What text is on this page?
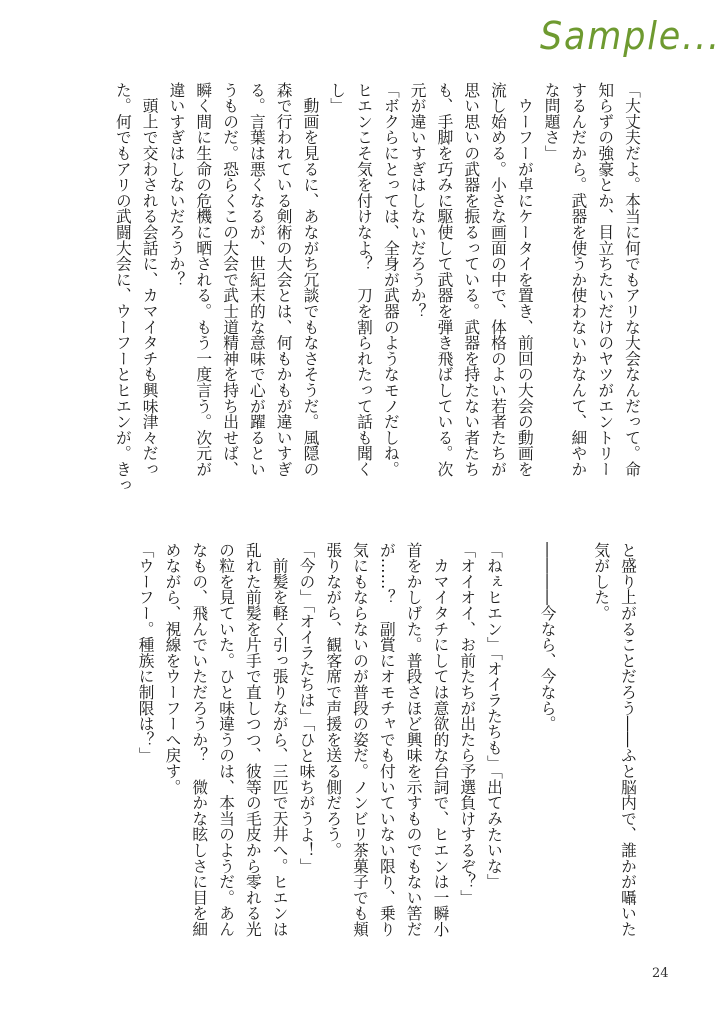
Sample...
「大丈夫だよ。本当に何でもアリな大会なんだって。命
知らずの強豪とか、目立ちたいだけのヤツがエントリー
するんだから。武器を使うか使わないかなんて、細やか
な問題さ」
　ウーフーが卓にケータイを置き、前回の大会の動画を
流し始める。小さな画面の中で、体格のよい若者たちが
思い思いの武器を振るっている。武器を持たない者たち
も、手脚を巧みに駆使して武器を弾き飛ばしている。次
元が違いすぎはしないだろうか？
「ボクらにとっては、全身が武器のようなモノだしね。
ヒエンこそ気を付けなよ？　刀を割られたって話も聞く
し」
　動画を見るに、あながち冗談でもなさそうだ。風隠の
森で行われている剣術の大会とは、何もかもが違いすぎ
る。言葉は悪くなるが、世紀末的な意味で心が躍るとい
うものだ。恐らくこの大会で武士道精神を持ち出せば、
瞬く間に生命の危機に晒される。もう一度言う。次元が
違いすぎはしないだろうか？
　頭上で交わされる会話に、カマイタチも興味津々だっ
た。何でもアリの武闘大会に、ウーフーとヒエンが。きっ
と盛り上がることだろう――ふと脳内で、誰かが囁いた
気がした。
――――今なら、今なら。
「ねぇヒエン」「オイラたちも」「出てみたいな」
「オイオイ、お前たちが出たら予選負けするぞ？」
　カマイタチにしては意欲的な台詞で、ヒエンは一瞬小
首をかしげた。普段さほど興味を示すものでもない筈だ
が……？　副賞にオモチャでも付いていない限り、乗り
気にもならないのが普段の姿だ。ノンビリ茶菓子でも頬
張りながら、観客席で声援を送る側だろう。
「今の」「オイラたちは」「ひと味ちがうよ！」
　前髪を軽く引っ張りながら、三匹で天井へ。ヒエンは
乱れた前髪を片手で直しつつ、彼等の毛皮から零れる光
の粒を見ていた。ひと味違うのは、本当のようだ。あん
なもの、飛んでいただろうか？　微かな眩しさに目を細
めながら、視線をウーフーへ戻す。
「ウーフー。種族に制限は？」
24
